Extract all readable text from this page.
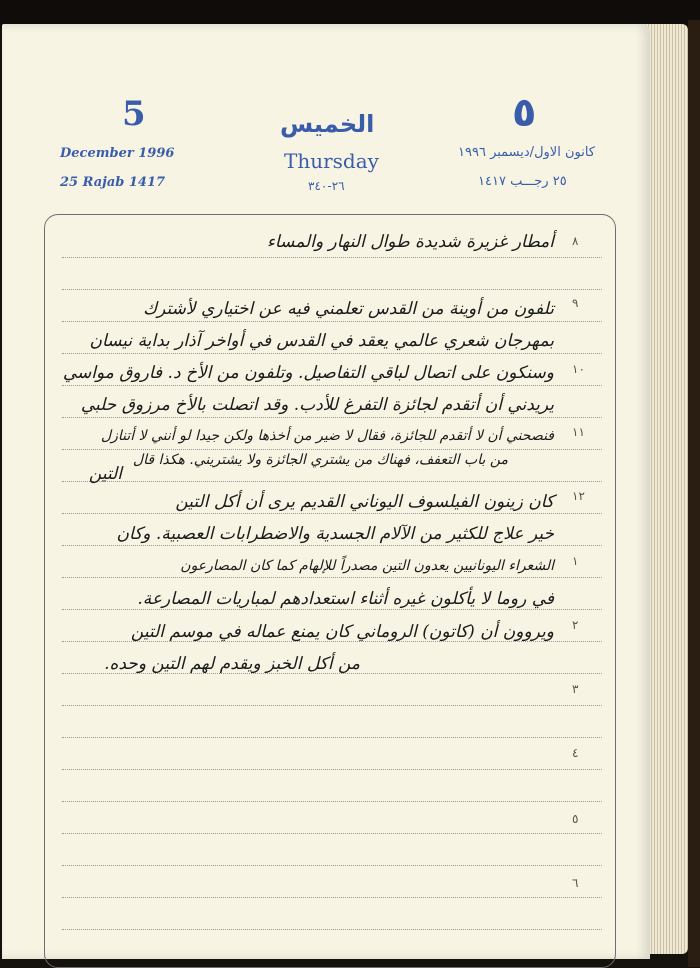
5	٥
الخميس
Thursday
٢٦-٣٤٠
December 1996
25 Rajab 1417
كانون الاول/ديسمبر ١٩٩٦
٢٥ رجـــب ١٤١٧
٨
٩
١٠
١١
١٢
١
٢
٣
٤
٥
٦
أمطار غزيرة شديدة طوال النهار والمساء
تلفون من أوينة من القدس تعلمني فيه عن اختياري لأشترك
بمهرجان شعري عالمي يعقد في القدس في أواخر آذار بداية نيسان
وسنكون على اتصال لباقي التفاصيل. وتلفون من الأخ د. فاروق مواسي
يريدني أن أتقدم لجائزة التفرغ للأدب. وقد اتصلت بالأخ مرزوق حلبي
فنصحني أن لا أتقدم للجائزة، فقال لا ضير من أخذها ولكن جيدا لو أنني لا أتنازل
من باب التعفف، فهناك من يشتري الجائزة ولا يشتريني. هكذا قال
التين
كان زينون الفيلسوف اليوناني القديم يرى أن أكل التين
خير علاج للكثير من الآلام الجسدية والاضطرابات العصبية. وكان
الشعراء اليونانيين يعدون التين مصدراً للإلهام كما كان المصارعون
في روما لا يأكلون غيره أثناء استعدادهم لمباريات المصارعة.
ويروون أن (كاتون) الروماني كان يمنع عماله في موسم التين
من أكل الخبز ويقدم لهم التين وحده.
